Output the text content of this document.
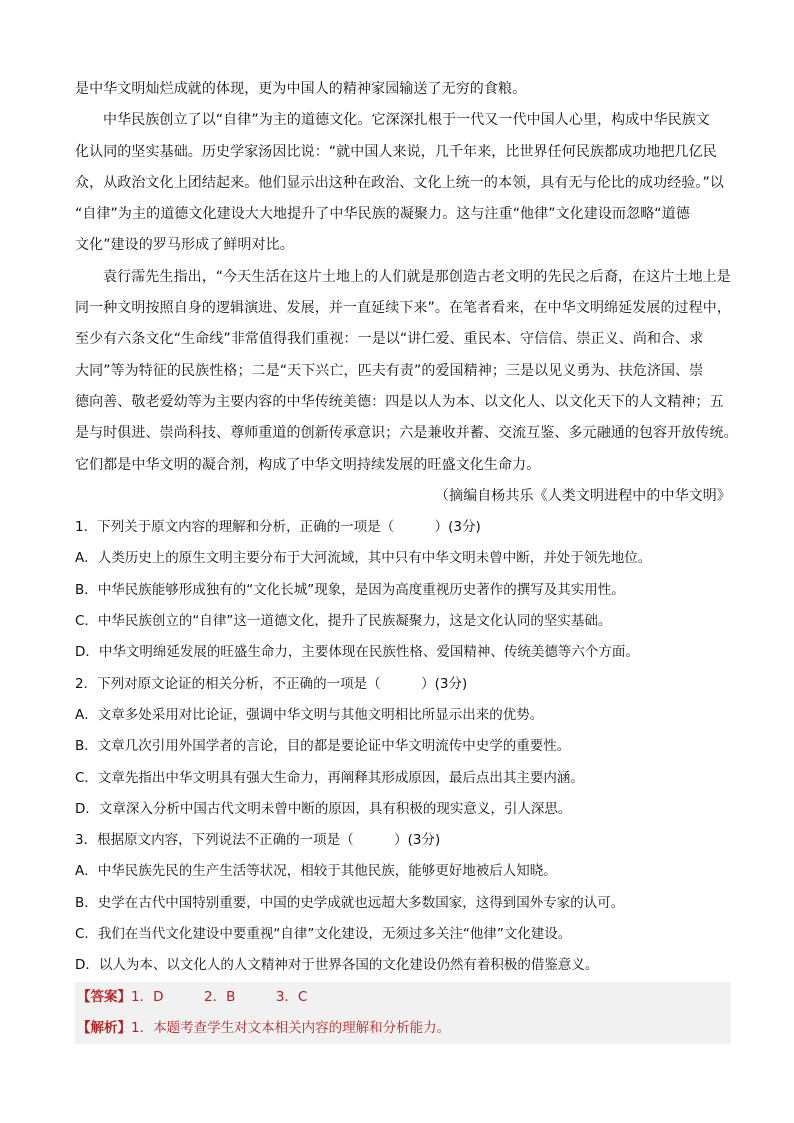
是中华文明灿烂成就的体现，更为中国人的精神家园输送了无穷的食粮。

中华民族创立了以“自律”为主的道德文化。它深深扎根于一代又一代中国人心里，构成中华民族文

化认同的坚实基础。历史学家汤因比说：“就中国人来说，几千年来，比世界任何民族都成功地把几亿民

众，从政治文化上团结起来。他们显示出这种在政治、文化上统一的本领，具有无与伦比的成功经验。”以

“自律”为主的道德文化建设大大地提升了中华民族的凝聚力。这与注重“他律”文化建设而忽略“道德

文化”建设的罗马形成了鲜明对比。

袁行霈先生指出，“今天生活在这片土地上的人们就是那创造古老文明的先民之后裔，在这片土地上是

同一种文明按照自身的逻辑演进、发展，并一直延续下来”。在笔者看来，在中华文明绵延发展的过程中，

至少有六条文化“生命线”非常值得我们重视：一是以“讲仁爱、重民本、守信信、崇正义、尚和合、求

大同”等为特征的民族性格；二是“天下兴亡，匹夫有责”的爱国精神；三是以见义勇为、扶危济国、崇

德向善、敬老爱幼等为主要内容的中华传统美德：四是以人为本、以文化人、以文化天下的人文精神；五

是与时俱进、崇尚科技、尊师重道的创新传承意识；六是兼收并蓄、交流互鉴、多元融通的包容开放传统。

它们都是中华文明的凝合剂，构成了中华文明持续发展的旺盛文化生命力。

（摘编自杨共乐《人类文明进程中的中华文明》

1．下列关于原文内容的理解和分析，正确的一项是（　　　）(3分)

A．人类历史上的原生文明主要分布于大河流域，其中只有中华文明未曾中断，并处于领先地位。

B．中华民族能够形成独有的“文化长城”现象，是因为高度重视历史著作的撰写及其实用性。

C．中华民族创立的“自律”这一道德文化，提升了民族凝聚力，这是文化认同的坚实基础。

D．中华文明绵延发展的旺盛生命力，主要体现在民族性格、爱国精神、传统美德等六个方面。

2．下列对原文论证的相关分析，不正确的一项是（　　　）(3分)

A．文章多处采用对比论证，强调中华文明与其他文明相比所显示出来的优势。

B．文章几次引用外国学者的言论，目的都是要论证中华文明流传中史学的重要性。

C．文章先指出中华文明具有强大生命力，再阐释其形成原因，最后点出其主要内涵。

D．文章深入分析中国古代文明未曾中断的原因，具有积极的现实意义，引人深思。

3．根据原文内容，下列说法不正确的一项是（　　　）(3分)

A．中华民族先民的生产生活等状况，相较于其他民族，能够更好地被后人知晓。

B．史学在古代中国特别重要，中国的史学成就也远超大多数国家，这得到国外专家的认可。

C．我们在当代文化建设中要重视“自律”文化建设，无须过多关注“他律”文化建设。

D．以人为本、以文化人的人文精神对于世界各国的文化建设仍然有着积极的借鉴意义。

【答案】1．D　　　2．B　　　3．C

【解析】1．本题考查学生对文本相关内容的理解和分析能力。
